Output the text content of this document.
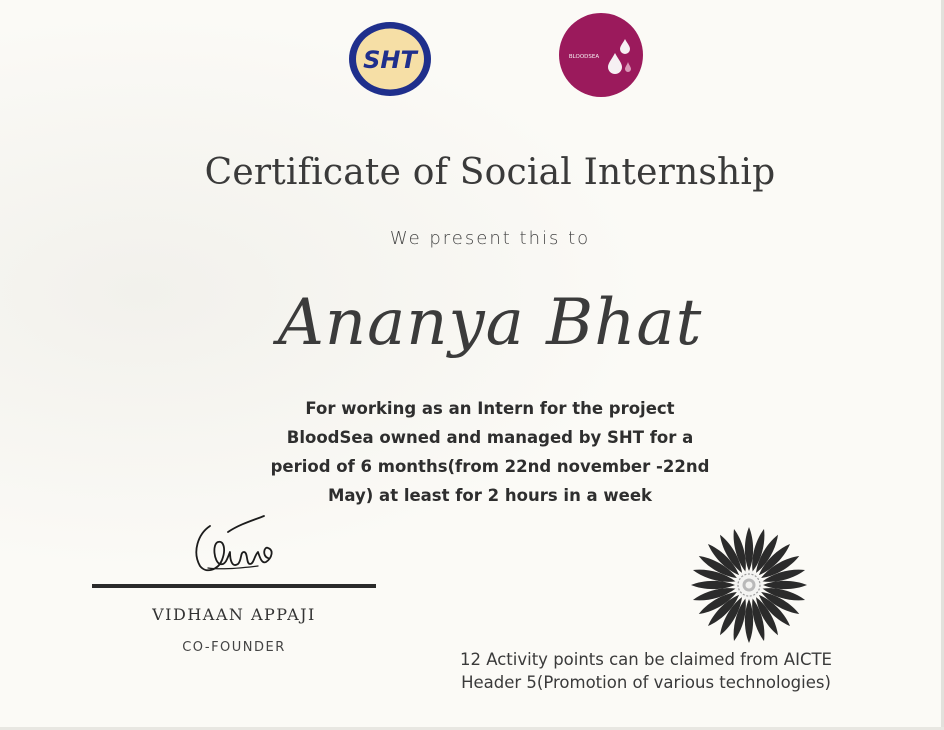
SHT	BLOODSEA
Certificate of Social Internship
We present this to
Ananya Bhat
For working as an Intern for the project
BloodSea owned and managed by SHT for a
period of 6 months(from 22nd november -22nd
May) at least for 2 hours in a week
VIDHAAN APPAJI
CO-FOUNDER
12 Activity points can be claimed from AICTE
Header 5(Promotion of various technologies)
